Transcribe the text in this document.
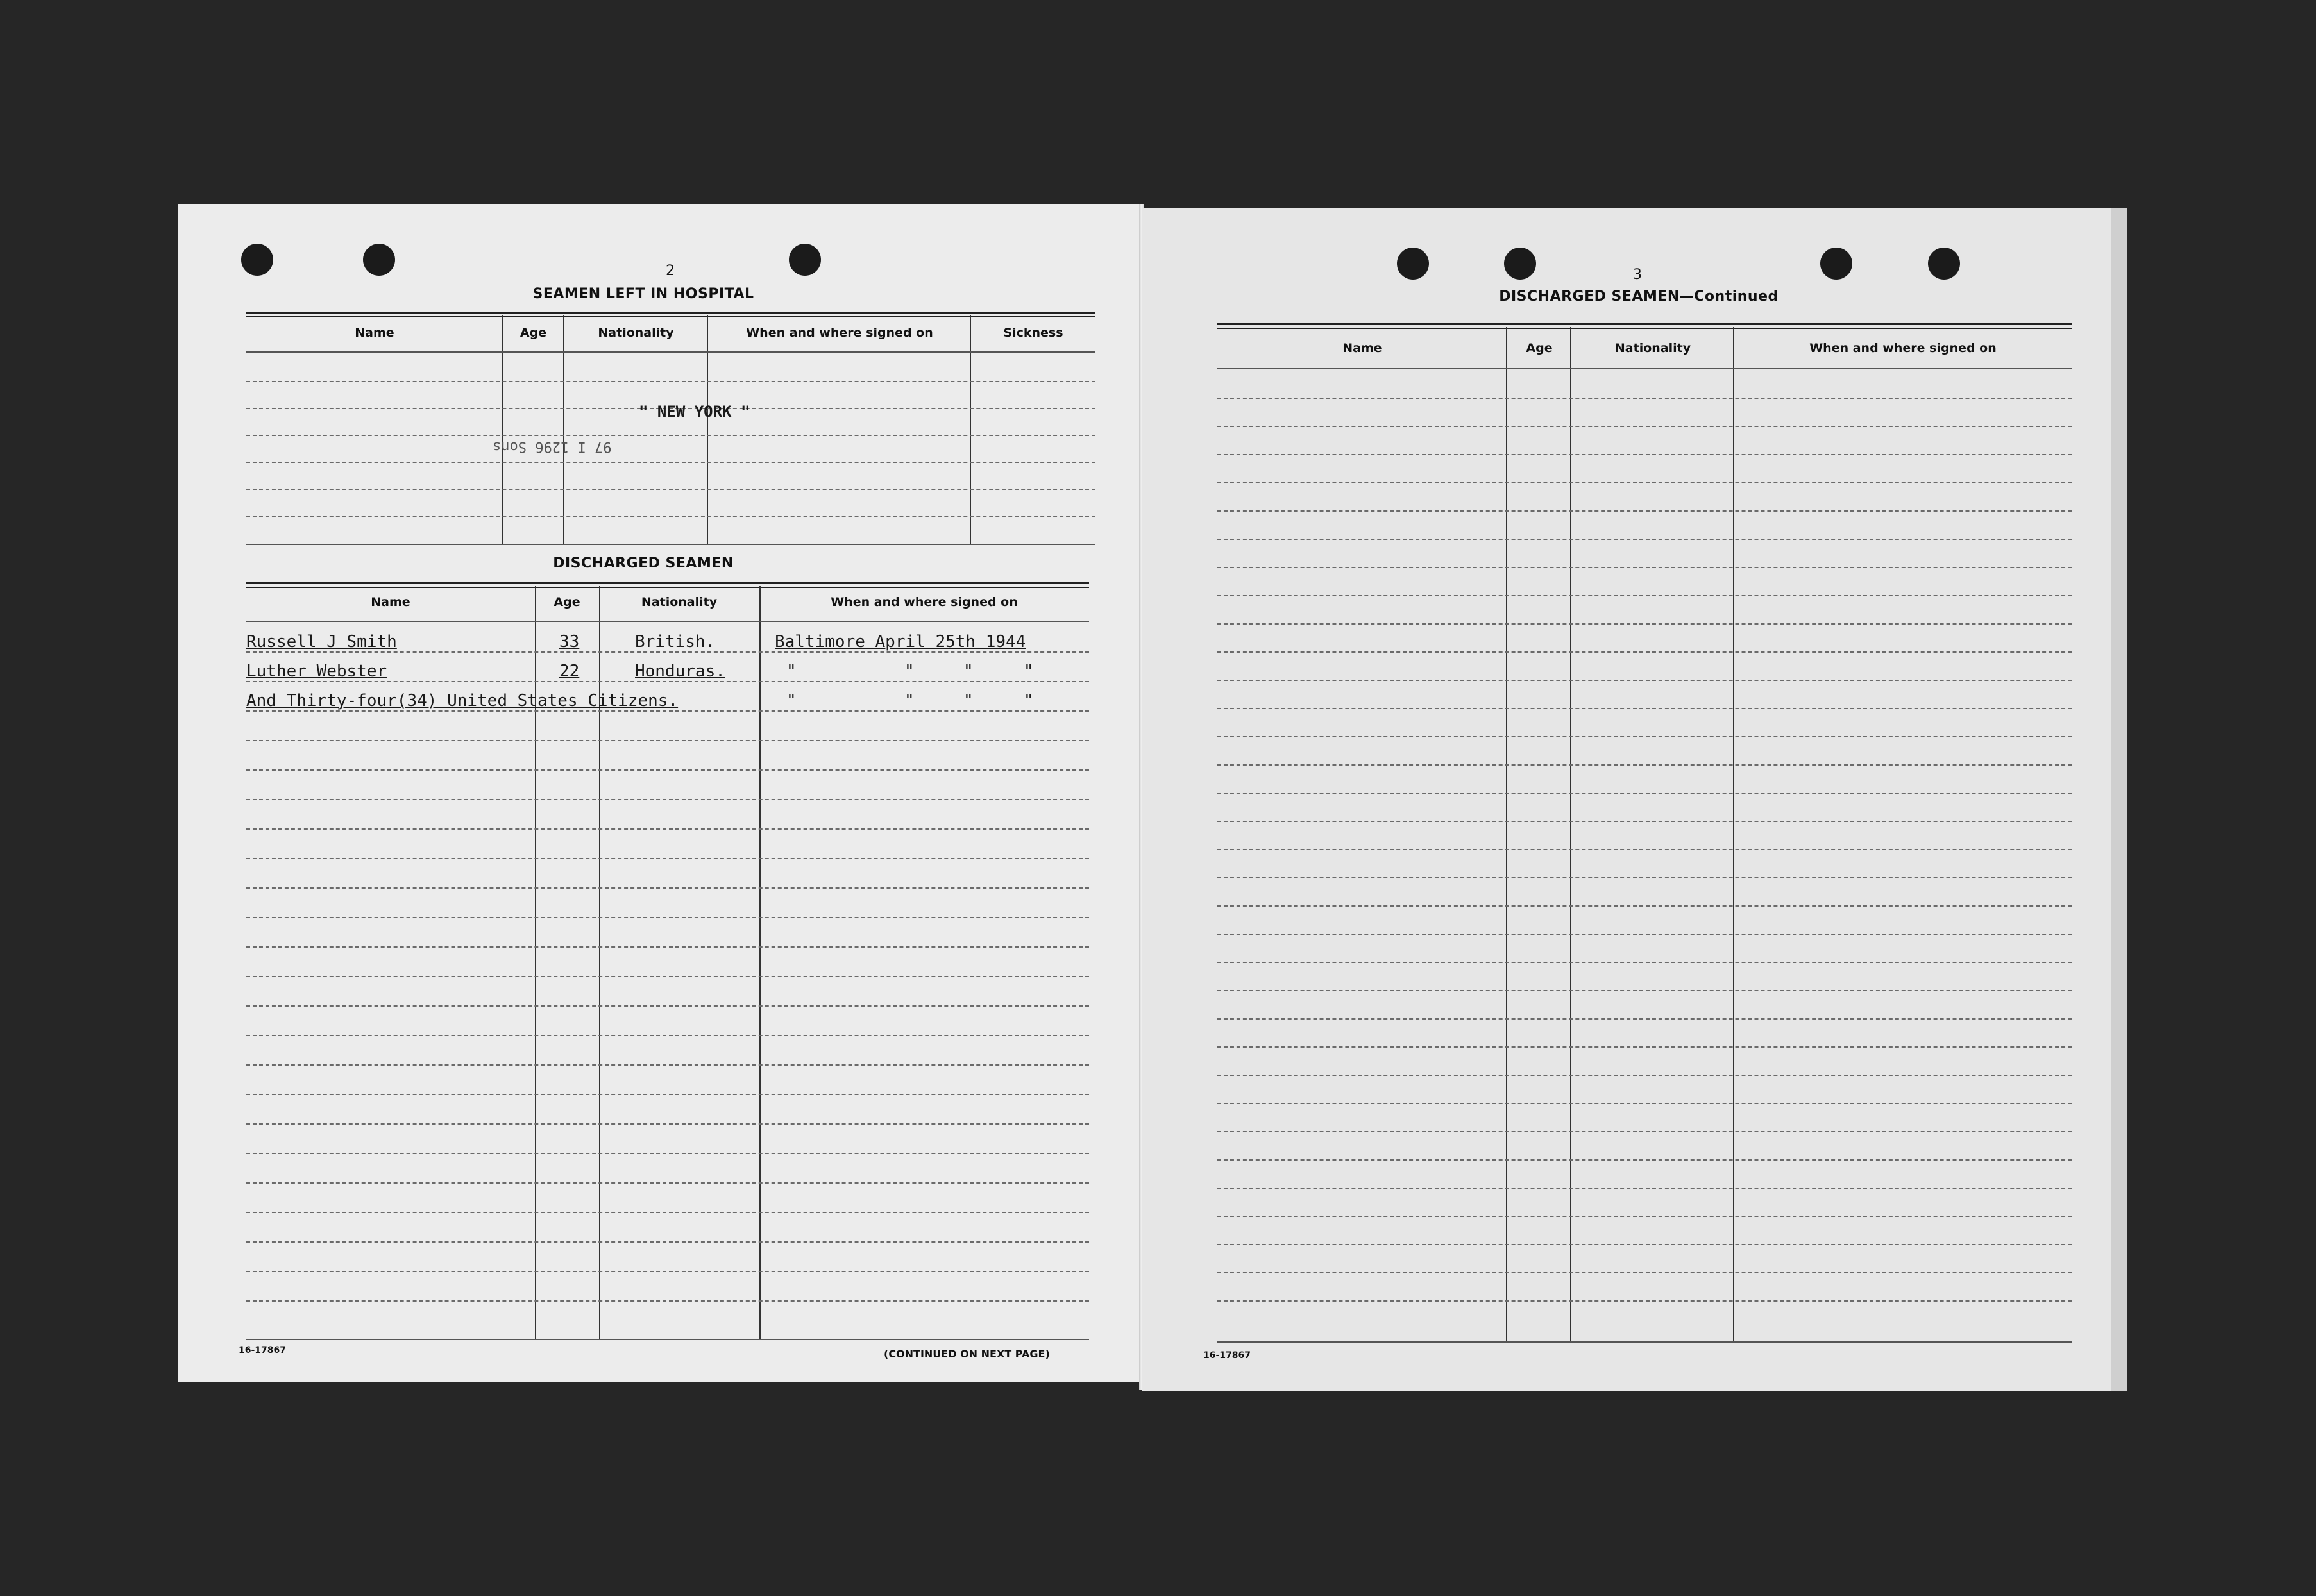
2
SEAMEN LEFT IN HOSPITAL
Name	Age	Nationality	When and where signed on	Sickness
" NEW YORK "
97 I 1296 Sons
DISCHARGED SEAMEN
Name	Age	Nationality	When and where signed on
Russell J Smith	33	British.	Baltimore April 25th 1944
Luther Webster	22	Honduras.	"	"	"	"
And Thirty-four(34) United States Citizens.	"	"	"	"
16-17867	(CONTINUED ON NEXT PAGE)
3
DISCHARGED SEAMEN—Continued
Name	Age	Nationality	When and where signed on
16-17867
